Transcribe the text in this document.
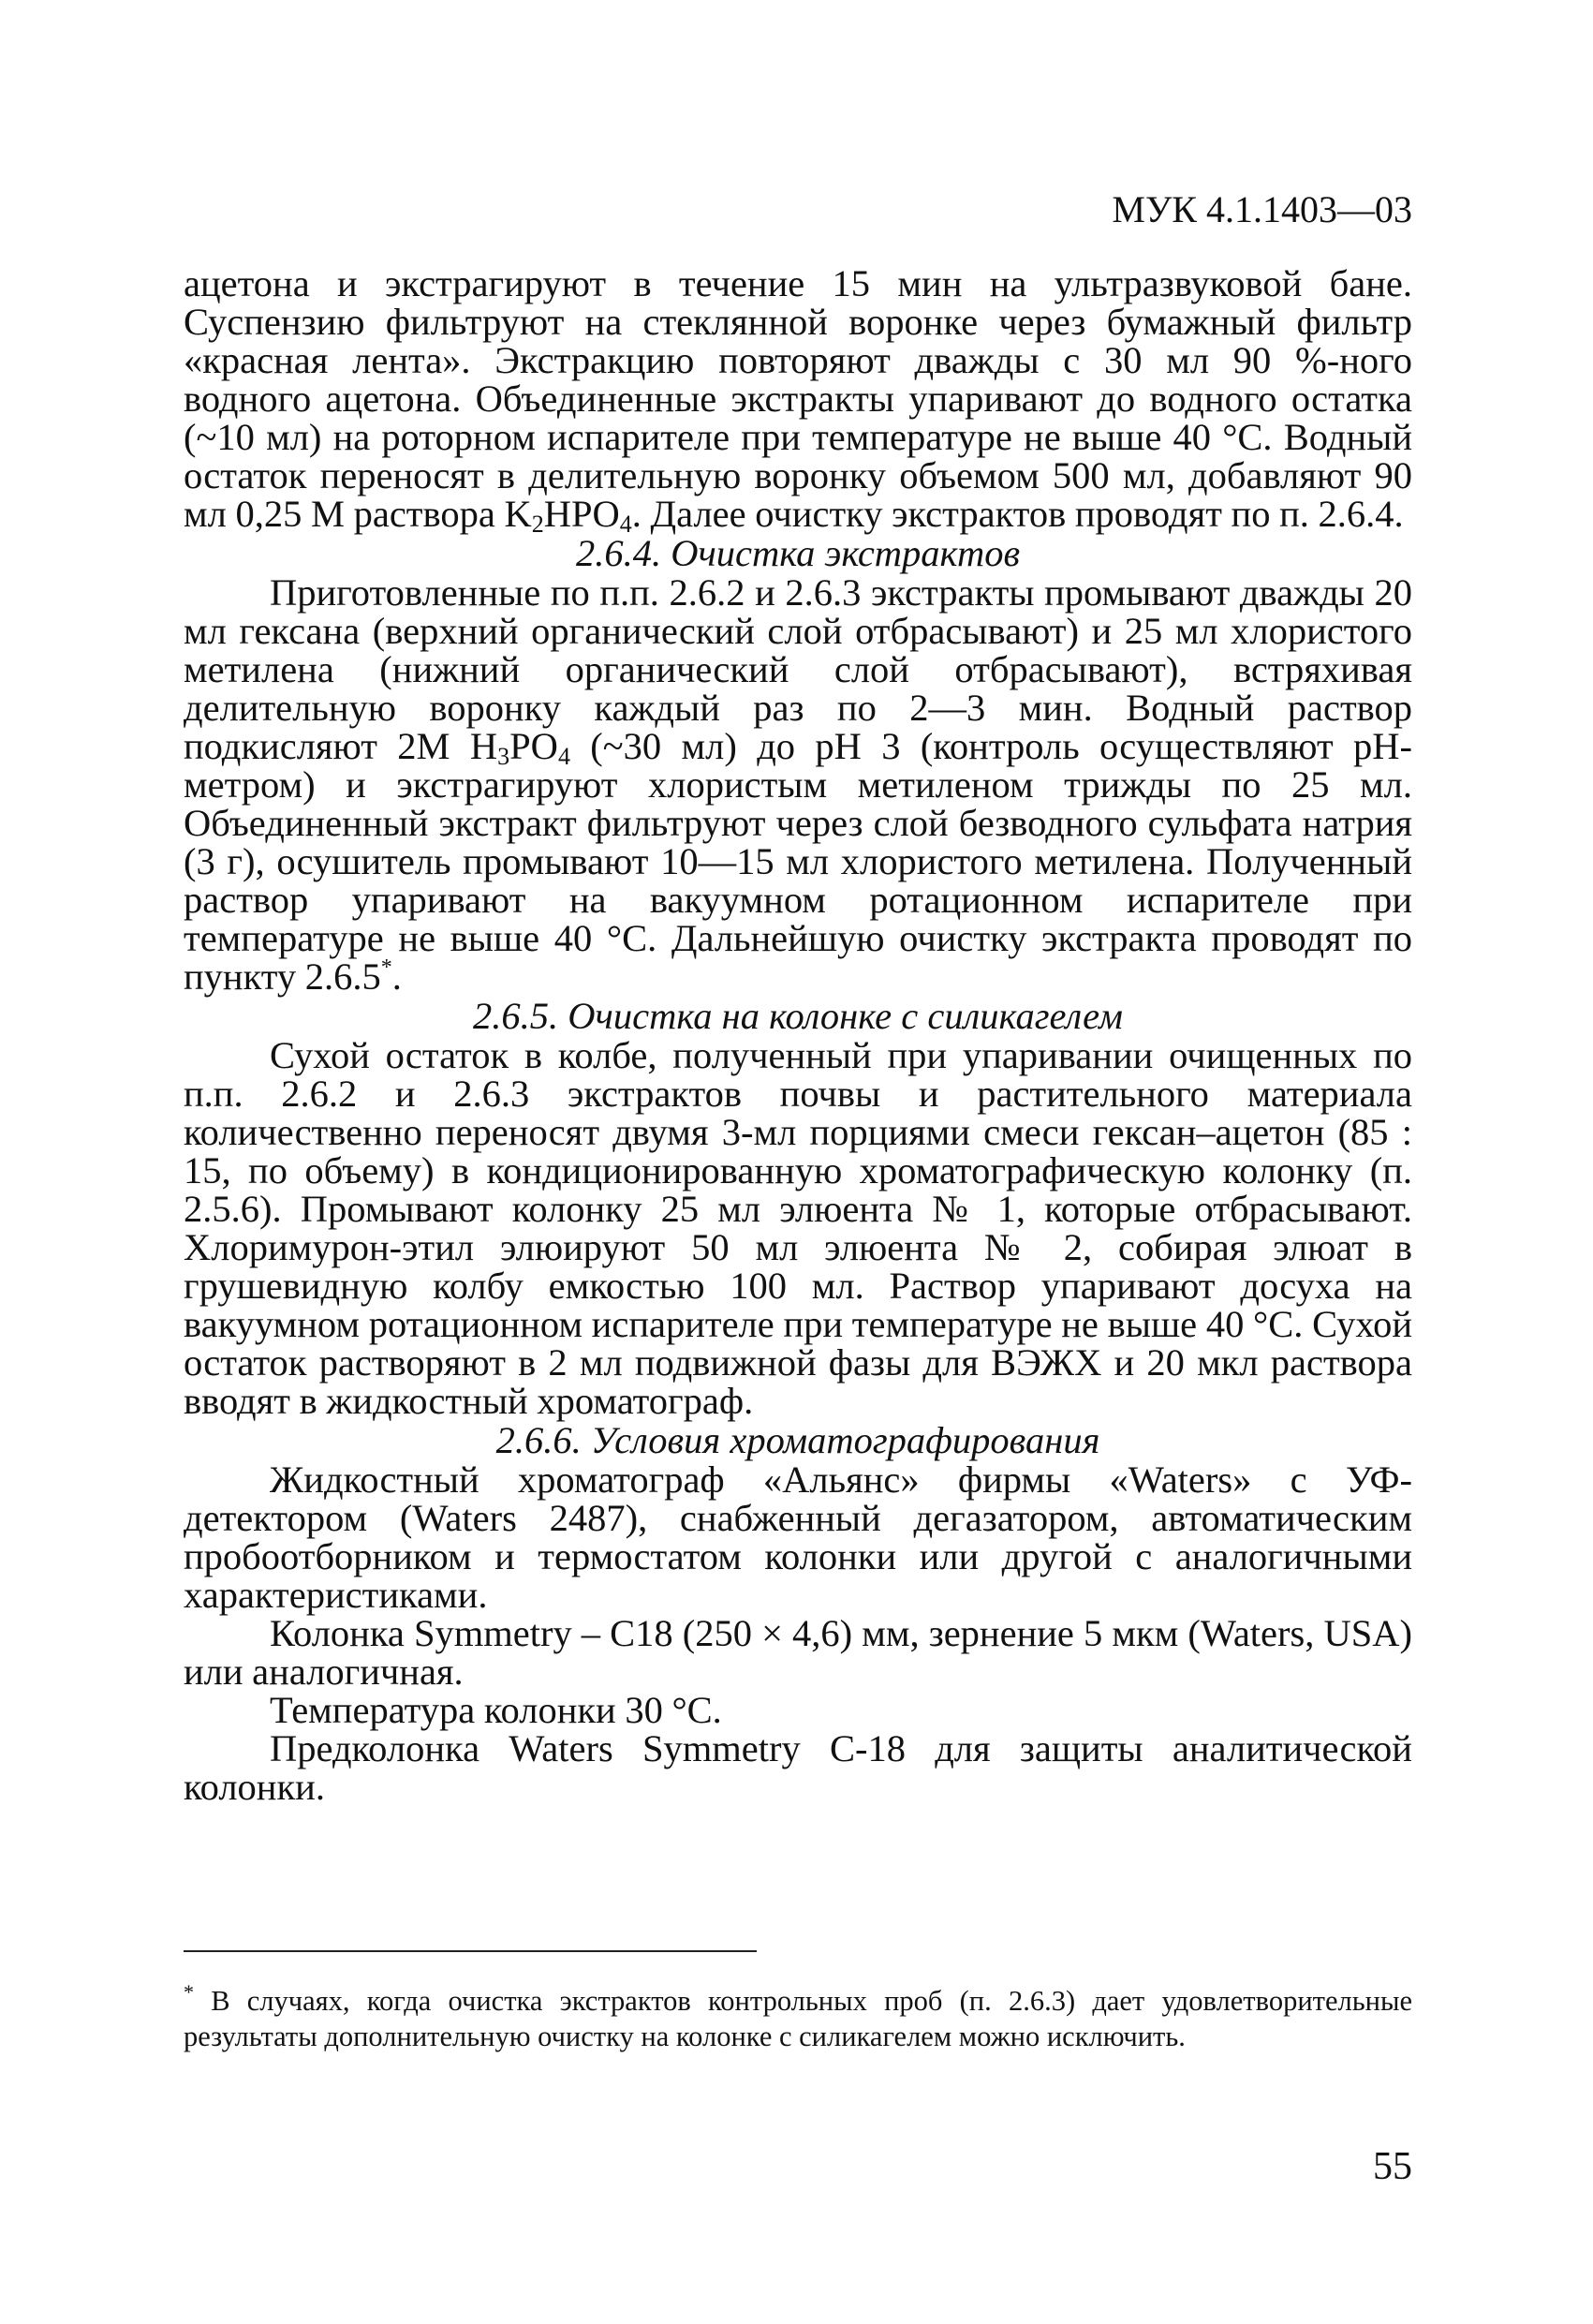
МУК 4.1.1403—03

ацетона и экстрагируют в течение 15 мин на ультразвуковой бане. Суспензию фильтруют на стеклянной воронке через бумажный фильтр «красная лента». Экстракцию повторяют дважды с 30 мл 90 %-ного водного ацетона. Объединенные экстракты упаривают до водного остатка (~10 мл) на роторном испарителе при температуре не выше 40 °С. Водный остаток переносят в делительную воронку объемом 500 мл, добавляют 90 мл 0,25 М раствора $K_2HPO_4$. Далее очистку экстрактов проводят по п. 2.6.4.

2.6.4. Очистка экстрактов

Приготовленные по п.п. 2.6.2 и 2.6.3 экстракты промывают дважды 20 мл гексана (верхний органический слой отбрасывают) и 25 мл хлористого метилена (нижний органический слой отбрасывают), встряхивая делительную воронку каждый раз по 2—3 мин. Водный раствор подкисляют 2М $H_3PO_4$ (~30 мл) до рН 3 (контроль осуществляют рН-метром) и экстрагируют хлористым метиленом трижды по 25 мл. Объединенный экстракт фильтруют через слой безводного сульфата натрия (3 г), осушитель промывают 10—15 мл хлористого метилена. Полученный раствор упаривают на вакуумном ротационном испарителе при температуре не выше 40 °С. Дальнейшую очистку экстракта проводят по пункту 2.6.5*.

2.6.5. Очистка на колонке с силикагелем

Сухой остаток в колбе, полученный при упаривании очищенных по п.п. 2.6.2 и 2.6.3 экстрактов почвы и растительного материала количественно переносят двумя 3-мл порциями смеси гексан–ацетон (85 : 15, по объему) в кондиционированную хроматографическую колонку (п. 2.5.6). Промывают колонку 25 мл элюента № 1, которые отбрасывают. Хлоримурон-этил элюируют 50 мл элюента № 2, собирая элюат в грушевидную колбу емкостью 100 мл. Раствор упаривают досуха на вакуумном ротационном испарителе при температуре не выше 40 °С. Сухой остаток растворяют в 2 мл подвижной фазы для ВЭЖХ и 20 мкл раствора вводят в жидкостный хроматограф.

2.6.6. Условия хроматографирования

Жидкостный хроматограф «Альянс» фирмы «Waters» с УФ-детектором (Waters 2487), снабженный дегазатором, автоматическим пробоотборником и термостатом колонки или другой с аналогичными характеристиками.

Колонка Symmetry – С18 (250 × 4,6) мм, зернение 5 мкм (Waters, USA) или аналогичная.

Температура колонки 30 °С.

Предколонка Waters Symmetry C-18 для защиты аналитической колонки.

* В случаях, когда очистка экстрактов контрольных проб (п. 2.6.3) дает удовлетворительные результаты дополнительную очистку на колонке с силикагелем можно исключить.
55
